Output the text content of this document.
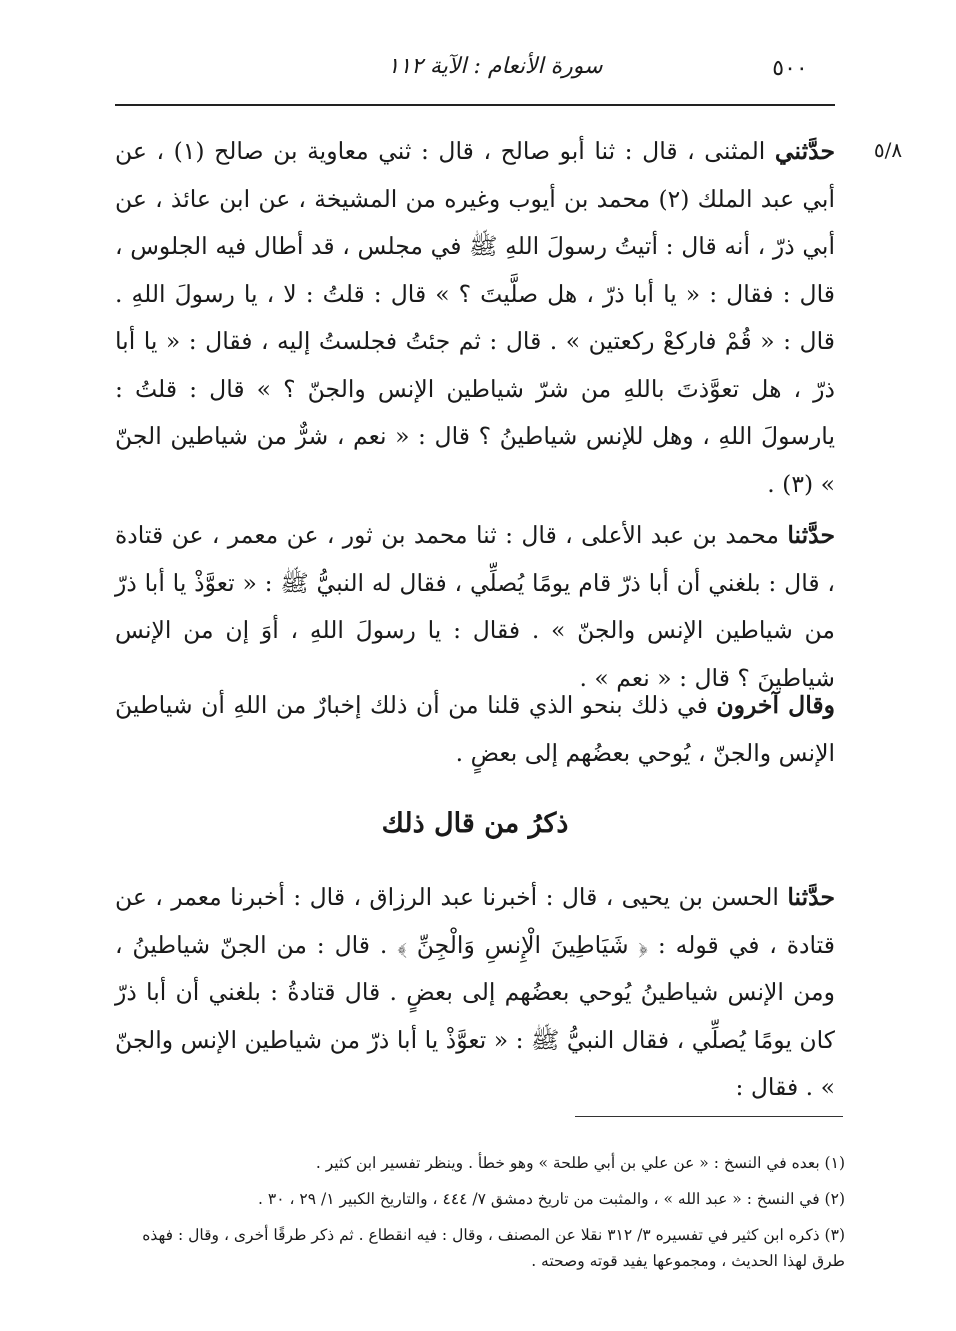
٥٠٠
سورة الأنعام : الآية ١١٢
٥/٨
حدَّثني المثنى ، قال : ثنا أبو صالح ، قال : ثني معاوية بن صالح (١) ، عن أبي عبد الملك (٢) محمد بن أيوب وغيره من المشيخة ، عن ابن عائذ ، عن أبي ذرّ ، أنه قال : أتيتُ رسولَ اللهِ ﷺ في مجلس ، قد أطال فيه الجلوس ، قال : فقال : « يا أبا ذرّ ، هل صلَّيتَ ؟ » قال : قلتُ : لا ، يا رسولَ اللهِ . قال : « قُمْ فاركعْ ركعتين » . قال : ثم جئتُ فجلستُ إليه ، فقال : « يا أبا ذرّ ، هل تعوَّذتَ باللهِ من شرّ شياطين الإنس والجنّ ؟ » قال : قلتُ : يارسولَ اللهِ ، وهل للإنس شياطينُ ؟ قال : « نعم ، شرٌّ من شياطين الجنّ » (٣) .
حدَّثنا محمد بن عبد الأعلى ، قال : ثنا محمد بن ثور ، عن معمر ، عن قتادة ، قال : بلغني أن أبا ذرّ قام يومًا يُصلِّي ، فقال له النبيُّ ﷺ : « تعوَّذْ يا أبا ذرّ من شياطين الإنس والجنّ » . فقال : يا رسولَ اللهِ ، أوَ إن من الإنس شياطينَ ؟ قال : « نعم » .
وقال آخرون في ذلك بنحو الذي قلنا من أن ذلك إخبارٌ من اللهِ أن شياطينَ الإنس والجنّ ، يُوحي بعضُهم إلى بعضٍ .
ذكرُ من قال ذلك
حدَّثنا الحسن بن يحيى ، قال : أخبرنا عبد الرزاق ، قال : أخبرنا معمر ، عن قتادة ، في قوله : ﴿ شَيَاطِينَ الْإِنسِ وَالْجِنِّ ﴾ . قال : من الجنّ شياطينُ ، ومن الإنس شياطينُ يُوحي بعضُهم إلى بعضٍ . قال قتادةُ : بلغني أن أبا ذرّ كان يومًا يُصلِّي ، فقال النبيُّ ﷺ : « تعوَّذْ يا أبا ذرّ من شياطين الإنس والجنّ » . فقال :
(١) بعده في النسخ : « عن علي بن أبي طلحة » وهو خطأ . وينظر تفسير ابن كثير .
(٢) في النسخ : « عبد الله » ، والمثبت من تاريخ دمشق ٧/ ٤٤٤ ، والتاريخ الكبير ١/ ٢٩ ، ٣٠ .
(٣) ذكره ابن كثير في تفسيره ٣/ ٣١٢ نقلا عن المصنف ، وقال : فيه انقطاع . ثم ذكر طرقًا أخرى ، وقال : فهذه طرق لهذا الحديث ، ومجموعها يفيد قوته وصحته .
